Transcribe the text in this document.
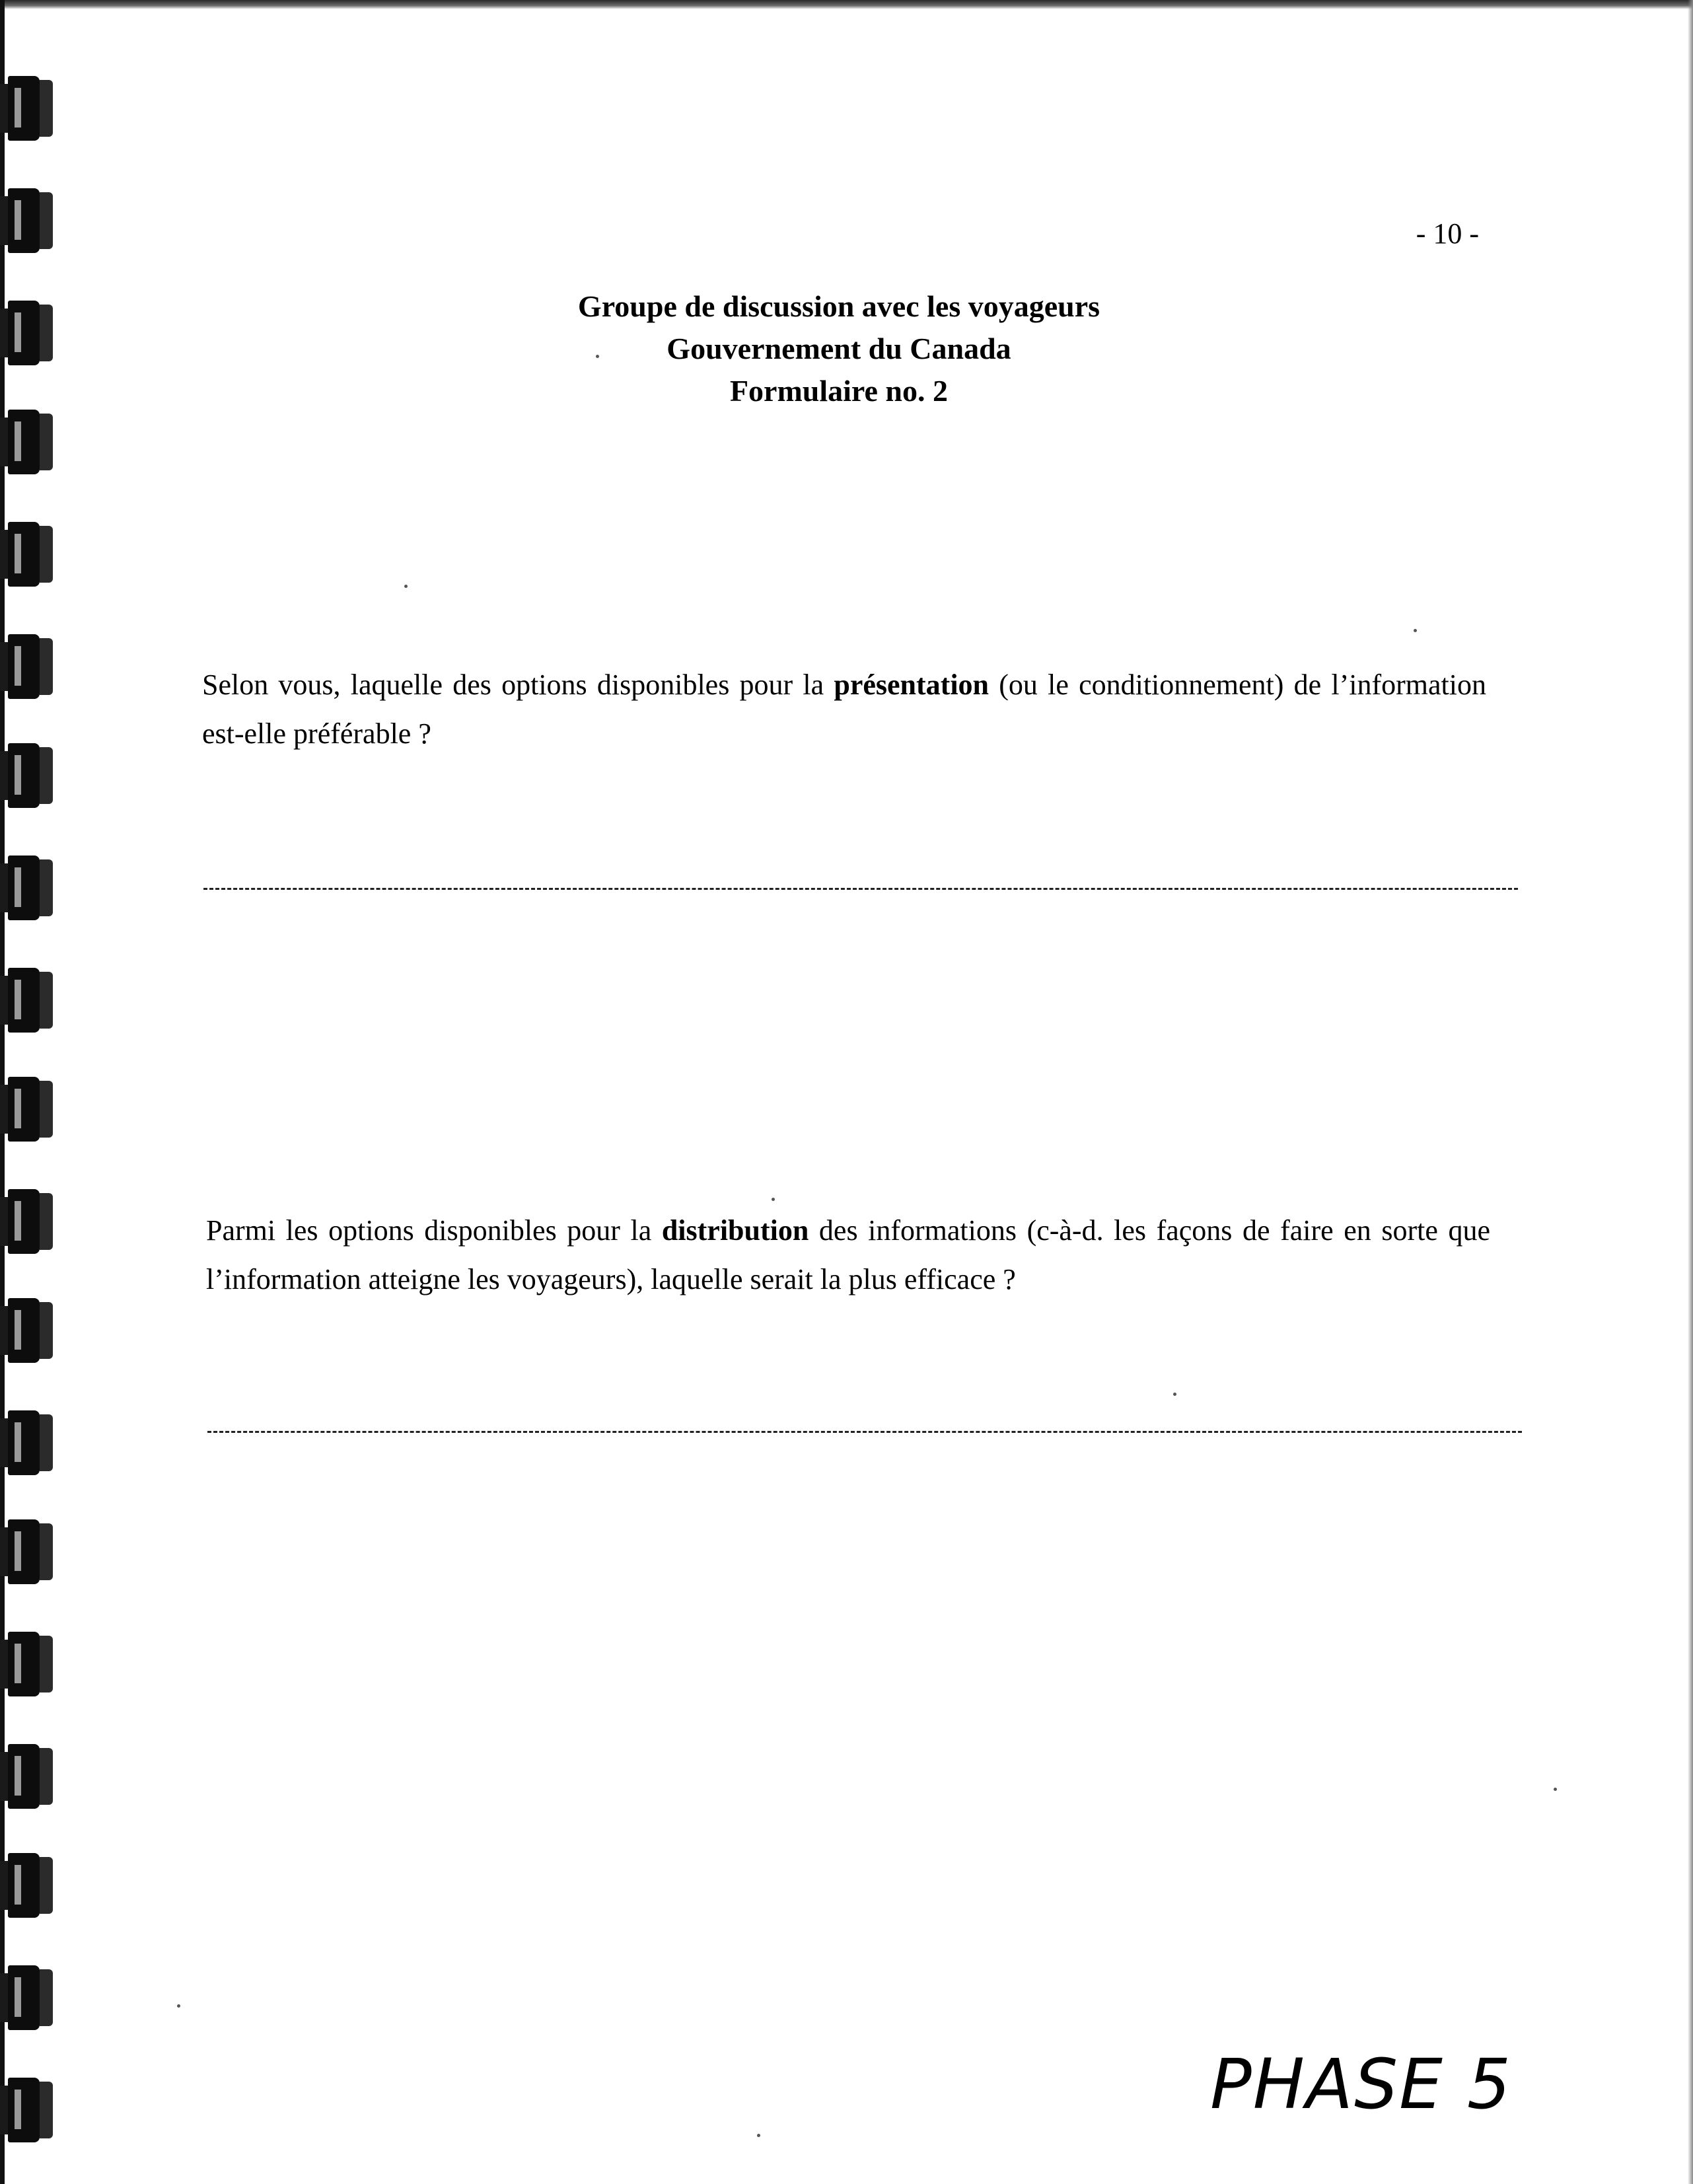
- 10 -
Groupe de discussion avec les voyageurs
Gouvernement du Canada
Formulaire no. 2
Selon vous, laquelle des options disponibles pour la présentation (ou le conditionnement) de l’information est-elle préférable ?
Parmi les options disponibles pour la distribution des informations (c-à-d. les façons de faire en sorte que l’information atteigne les voyageurs), laquelle serait la plus efficace ?
PHASE 5
